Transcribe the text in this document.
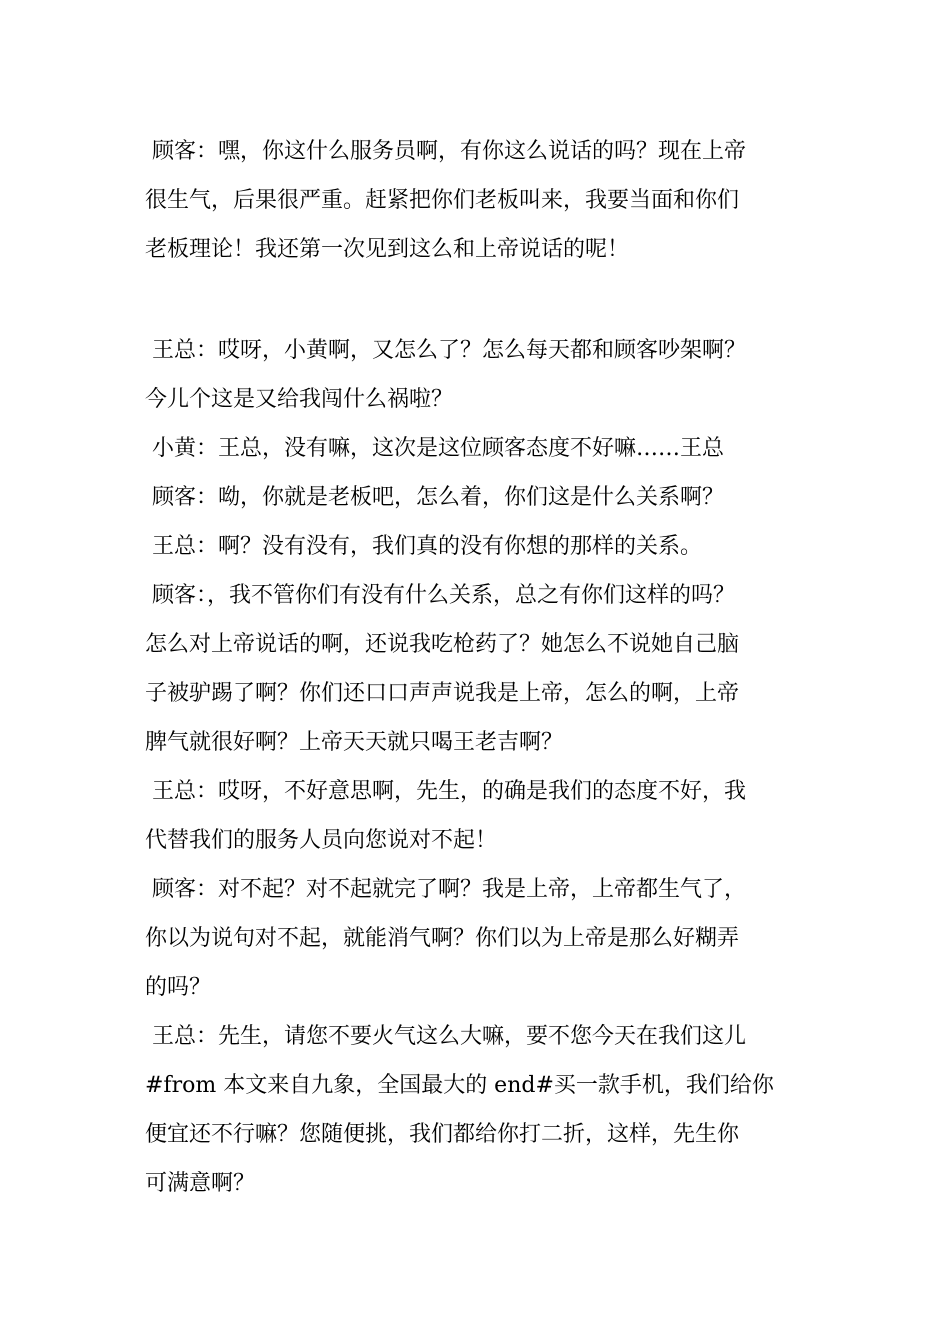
顾客：嘿，你这什么服务员啊，有你这么说话的吗？现在上帝
很生气，后果很严重。赶紧把你们老板叫来，我要当面和你们
老板理论！我还第一次见到这么和上帝说话的呢！
王总：哎呀，小黄啊，又怎么了？怎么每天都和顾客吵架啊？
今儿个这是又给我闯什么祸啦？
小黄：王总，没有嘛，这次是这位顾客态度不好嘛……王总
顾客：呦，你就是老板吧，怎么着，你们这是什么关系啊？
王总：啊？没有没有，我们真的没有你想的那样的关系。
顾客：，我不管你们有没有什么关系，总之有你们这样的吗？
怎么对上帝说话的啊，还说我吃枪药了？她怎么不说她自己脑
子被驴踢了啊？你们还口口声声说我是上帝，怎么的啊，上帝
脾气就很好啊？上帝天天就只喝王老吉啊？
王总：哎呀，不好意思啊，先生，的确是我们的态度不好，我
代替我们的服务人员向您说对不起！
顾客：对不起？对不起就完了啊？我是上帝，上帝都生气了，
你以为说句对不起，就能消气啊？你们以为上帝是那么好糊弄
的吗？
王总：先生，请您不要火气这么大嘛，要不您今天在我们这儿
#from 本文来自九象，全国最大的 end#买一款手机，我们给你
便宜还不行嘛？您随便挑，我们都给你打二折，这样，先生你
可满意啊？
